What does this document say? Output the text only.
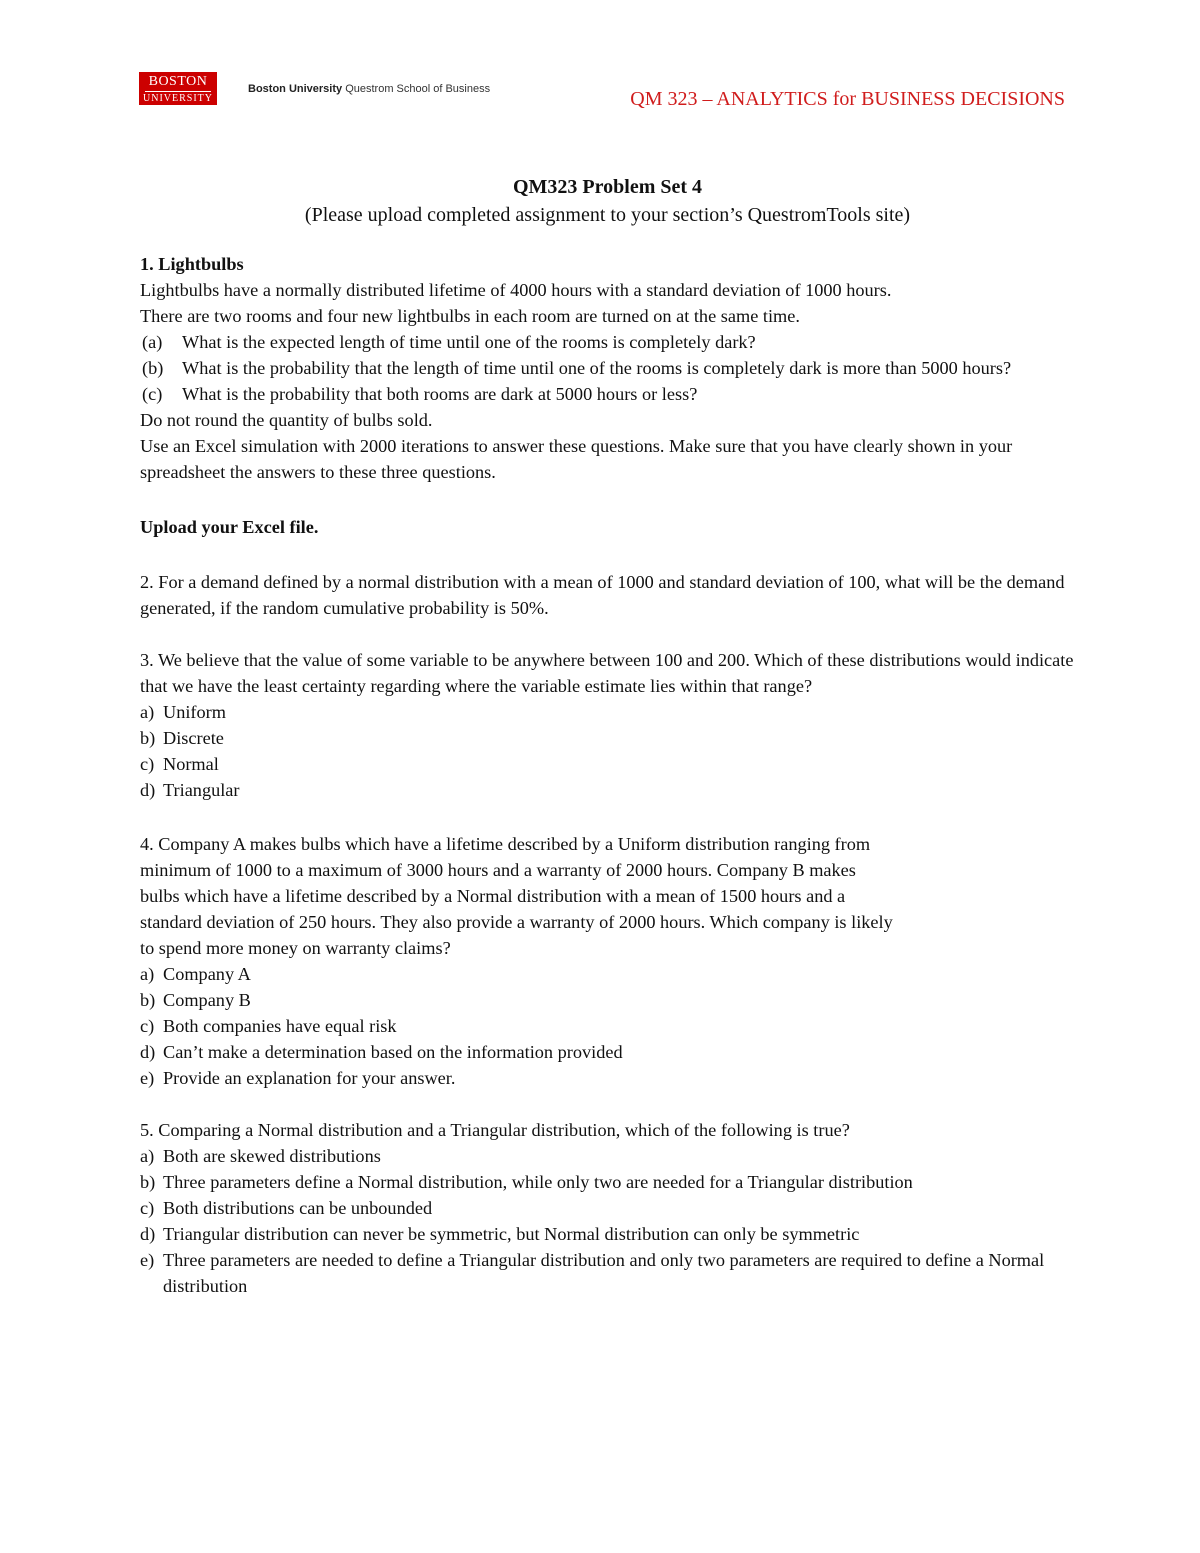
BOSTON
UNIVERSITY
Boston University Questrom School of Business	QM 323 – ANALYTICS for BUSINESS DECISIONS
QM323 Problem Set 4
(Please upload completed assignment to your section’s QuestromTools site)

1. Lightbulbs

Lightbulbs have a normally distributed lifetime of 4000 hours with a standard deviation of 1000 hours.

There are two rooms and four new lightbulbs in each room are turned on at the same time.

(a)	What is the expected length of time until one of the rooms is completely dark?
(b)	What is the probability that the length of time until one of the rooms is completely dark is more than 5000 hours?
(c)	What is the probability that both rooms are dark at 5000 hours or less?

Do not round the quantity of bulbs sold.

Use an Excel simulation with 2000 iterations to answer these questions. Make sure that you have clearly shown in your spreadsheet the answers to these three questions.

Upload your Excel file.

2. For a demand defined by a normal distribution with a mean of 1000 and standard deviation of 100, what will be the demand generated, if the random cumulative probability is 50%.

3. We believe that the value of some variable to be anywhere between 100 and 200. Which of these distributions would indicate that we have the least certainty regarding where the variable estimate lies within that range?

a) Uniform
b) Discrete
c) Normal
d) Triangular

4. Company A makes bulbs which have a lifetime described by a Uniform distribution ranging from

minimum of 1000 to a maximum of 3000 hours and a warranty of 2000 hours. Company B makes

bulbs which have a lifetime described by a Normal distribution with a mean of 1500 hours and a

standard deviation of 250 hours. They also provide a warranty of 2000 hours. Which company is likely

to spend more money on warranty claims?

a) Company A
b) Company B
c) Both companies have equal risk
d) Can’t make a determination based on the information provided
e) Provide an explanation for your answer.

5. Comparing a Normal distribution and a Triangular distribution, which of the following is true?

a) Both are skewed distributions
b) Three parameters define a Normal distribution, while only two are needed for a Triangular distribution
c) Both distributions can be unbounded
d) Triangular distribution can never be symmetric, but Normal distribution can only be symmetric
e) Three parameters are needed to define a Triangular distribution and only two parameters are required to define a Normal distribution
